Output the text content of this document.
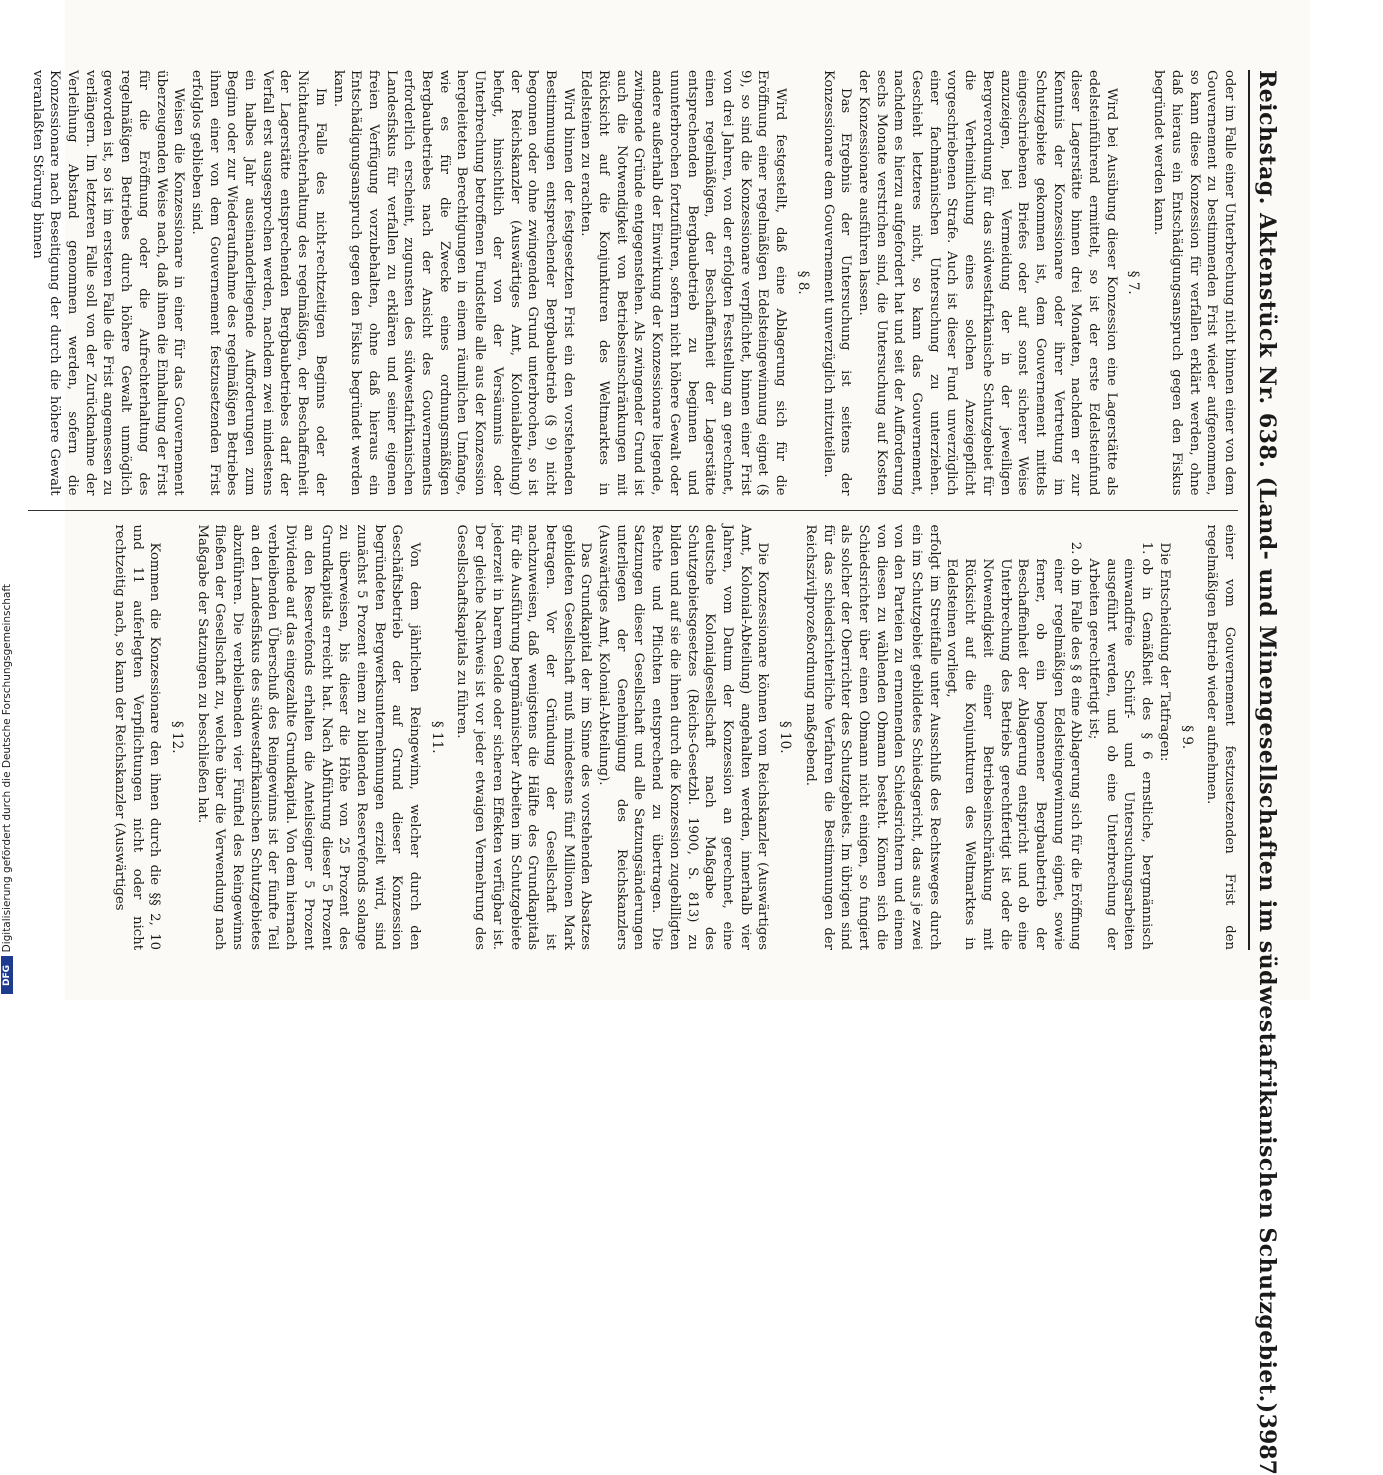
Reichstag. Aktenstück Nr. 638. (Land- und Minengesellschaften im südwestafrikanischen Schutzgebiet.)
3987

oder im Falle einer Unterbrechung nicht binnen einer von dem Gouvernement zu bestimmenden Frist wieder aufgenommen, so kann diese Konzession für verfallen erklärt werden, ohne daß hieraus ein Entschädigungsanspruch gegen den Fiskus begründet werden kann.

§ 7.

Wird bei Ausübung dieser Konzession eine Lagerstätte als edelsteinführend ermittelt, so ist der erste Edelsteinfund dieser Lagerstätte binnen drei Monaten, nachdem er zur Kenntnis der Konzessionare oder ihrer Vertretung im Schutzgebiete gekommen ist, dem Gouvernement mittels eingeschriebenen Briefes oder auf sonst sicherer Weise anzuzeigen, bei Vermeidung der in der jeweiligen Bergverordnung für das südwestafrikanische Schutzgebiet für die Verheimlichung eines solchen Anzeigepflicht vorgeschriebenen Strafe. Auch ist dieser Fund unverzüglich einer fachmännischen Untersuchung zu unterziehen. Geschieht letzteres nicht, so kann das Gouvernement, nachdem es hierzu aufgefordert hat und seit der Aufforderung sechs Monate verstrichen sind, die Untersuchung auf Kosten der Konzessionare ausführen lassen.

Das Ergebnis der Untersuchung ist seitens der Konzessionare dem Gouvernement unverzüglich mitzuteilen.

§ 8.

Wird festgestellt, daß eine Ablagerung sich für die Eröffnung einer regelmäßigen Edelsteingewinnung eignet (§ 9), so sind die Konzessionare verpflichtet, binnen einer Frist von drei Jahren, von der erfolgten Feststellung an gerechnet, einen regelmäßigen, der Beschaffenheit der Lagerstätte entsprechenden Bergbaubetrieb zu beginnen und ununterbrochen fortzuführen, sofern nicht höhere Gewalt oder andere außerhalb der Einwirkung der Konzessionare liegende, zwingende Gründe entgegenstehen. Als zwingender Grund ist auch die Notwendigkeit von Betriebseinschränkungen mit Rücksicht auf die Konjunkturen des Weltmarktes in Edelsteinen zu erachten.

Wird binnen der festgesetzten Frist ein den vorstehenden Bestimmungen entsprechender Bergbaubetrieb (§ 9) nicht begonnen oder ohne zwingenden Grund unterbrochen, so ist der Reichskanzler (Auswärtiges Amt, Kolonialabteilung) befugt, hinsichtlich der von der Versäumnis oder Unterbrechung betroffenen Fundstelle alle aus der Konzession hergeleiteten Berechtigungen in einem räumlichen Umfange, wie es für die Zwecke eines ordnungsmäßigen Bergbaubetriebes nach der Ansicht des Gouvernements erforderlich erscheint, zugunsten des südwestafrikanischen Landesfiskus für verfallen zu erklären und seiner eigenen freien Verfügung vorzubehalten, ohne daß hieraus ein Entschädigungsanspruch gegen den Fiskus begründet werden kann.

Im Falle des nicht-rechtzeitigen Beginns oder der Nichtaufrechterhaltung des regelmäßigen, der Beschaffenheit der Lagerstätte entsprechenden Bergbaubetriebes darf der Verfall erst ausgesprochen werden, nachdem zwei mindestens ein halbes Jahr auseinanderliegende Aufforderungen zum Beginn oder zur Wiederaufnahme des regelmäßigen Betriebes ihnen einer von dem Gouvernement festzusetzenden Frist erfolglos geblieben sind.

Weisen die Konzessionare in einer für das Gouvernement überzeugenden Weise nach, daß ihnen die Einhaltung der Frist für die Eröffnung oder die Aufrechterhaltung des regelmäßigen Betriebes durch höhere Gewalt unmöglich geworden ist, so ist im ersteren Falle die Frist angemessen zu verlängern. Im letzteren Falle soll von der Zurücknahme der Verleihung Abstand genommen werden, sofern die Konzessionare nach Beseitigung der durch die höhere Gewalt veranlaßten Störung binnen

einer vom Gouvernement festzusetzenden Frist den regelmäßigen Betrieb wieder aufnehmen.

§ 9.

Die Entscheidung der Tatfragen:

1. ob in Gemäßheit des § 6 ernstliche, bergmännisch einwandfreie Schürf- und Untersuchungsarbeiten ausgeführt werden, und ob eine Unterbrechung der Arbeiten gerechtfertigt ist;
2. ob im Falle des § 8 eine Ablagerung sich für die Eröffnung einer regelmäßigen Edelsteingewinnung eignet, sowie ferner, ob ein begonnener Bergbaubetrieb der Beschaffenheit der Ablagerung entspricht und ob eine Unterbrechung des Betriebs gerechtfertigt ist oder die Notwendigkeit einer Betriebseinschränkung mit Rücksicht auf die Konjunkturen des Weltmarktes in Edelsteinen vorliegt,

erfolgt im Streitfalle unter Ausschluß des Rechtsweges durch ein im Schutzgebiet gebildetes Schiedsgericht, das aus je zwei von den Parteien zu ernennenden Schiedsrichtern und einem von diesen zu wählenden Obmann besteht. Können sich die Schiedsrichter über einen Obmann nicht einigen, so fungiert als solcher der Oberrichter des Schutzgebiets. Im übrigen sind für das schiedsrichterliche Verfahren die Bestimmungen der Reichszivilprozeßordnung maßgebend.

§ 10.

Die Konzessionare können vom Reichskanzler (Auswärtiges Amt, Kolonial-Abteilung) angehalten werden, innerhalb vier Jahren, vom Datum der Konzession an gerechnet, eine deutsche Kolonialgesellschaft nach Maßgabe des Schutzgebietsgesetzes (Reichs-Gesetzbl. 1900, S. 813) zu bilden und auf sie die ihnen durch die Konzession zugebilligten Rechte und Pflichten entsprechend zu übertragen. Die Satzungen dieser Gesellschaft und alle Satzungsänderungen unterliegen der Genehmigung des Reichskanzlers (Auswärtiges Amt, Kolonial-Abteilung).

Das Grundkapital der im Sinne des vorstehenden Absatzes gebildeten Gesellschaft muß mindestens fünf Millionen Mark betragen. Vor der Gründung der Gesellschaft ist nachzuweisen, daß wenigstens die Hälfte des Grundkapitals für die Ausführung bergmännischer Arbeiten im Schutzgebiete jederzeit in barem Gelde oder sicheren Effekten verfügbar ist. Der gleiche Nachweis ist vor jeder etwaigen Vermehrung des Gesellschaftskapitals zu führen.

§ 11.

Von dem jährlichen Reingewinn, welcher durch den Geschäftsbetrieb der auf Grund dieser Konzession begründeten Bergwerksunternehmungen erzielt wird, sind zunächst 5 Prozent einem zu bildenden Reservefonds solange zu überweisen, bis dieser die Höhe von 25 Prozent des Grundkapitals erreicht hat. Nach Abführung dieser 5 Prozent an den Reservefonds erhalten die Anteilseigner 5 Prozent Dividende auf das eingezahlte Grundkapital. Von dem hiernach verbleibenden Überschuß des Reingewinns ist der fünfte Teil an den Landesfiskus des südwestafrikanischen Schutzgebietes abzuführen. Die verbleibenden vier Fünftel des Reingewinns fließen der Gesellschaft zu, welche über die Verwendung nach Maßgabe der Satzungen zu beschließen hat.

§ 12.

Kommen die Konzessionare den ihnen durch die §§ 2, 10 und 11 auferlegten Verpflichtungen nicht oder nicht rechtzeitig nach, so kann der Reichskanzler (Auswärtiges

Digitalisierung gefördert durch die Deutsche Forschungsgemeinschaft
DFG
